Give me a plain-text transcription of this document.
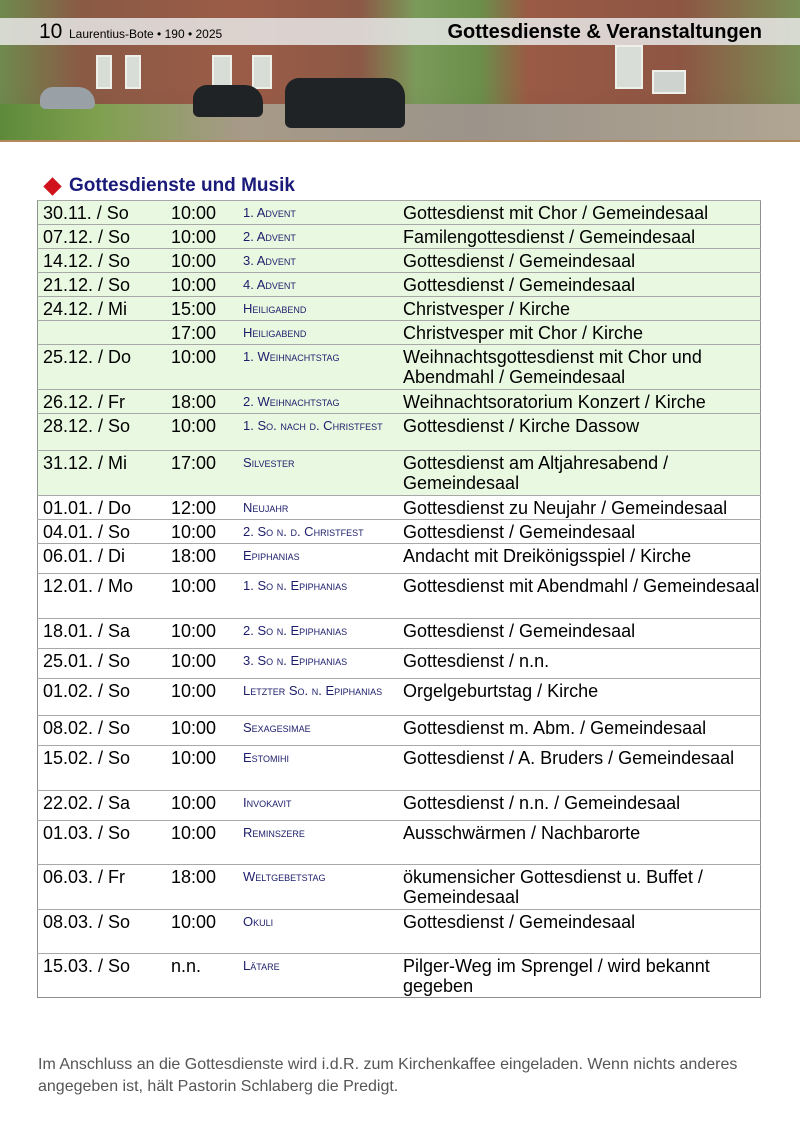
10 Laurentius-Bote • 190 • 2025	Gottesdienste & Veranstaltungen
Gottesdienste und Musik
30.11. / So	10:00	1. Advent	Gottesdienst mit Chor / Gemeindesaal
07.12. / So	10:00	2. Advent	Familengottesdienst / Gemeindesaal
14.12. / So	10:00	3. Advent	Gottesdienst / Gemeindesaal
21.12. / So	10:00	4. Advent	Gottesdienst / Gemeindesaal
24.12. / Mi	15:00	Heiligabend	Christvesper / Kirche
	17:00	Heiligabend	Christvesper mit Chor / Kirche
25.12. / Do	10:00	1. Weihnachtstag	Weihnachtsgottesdienst mit Chor und Abendmahl / Gemeindesaal
26.12. / Fr	18:00	2. Weihnachtstag	Weihnachtsoratorium Konzert / Kirche
28.12. / So	10:00	1. So. nach d. Christfest	Gottesdienst / Kirche Dassow
31.12. / Mi	17:00	Silvester	Gottesdienst am Altjahresabend / Gemeindesaal
01.01. / Do	12:00	Neujahr	Gottesdienst zu Neujahr / Gemeindesaal
04.01. / So	10:00	2. So n. d. Christfest	Gottesdienst / Gemeindesaal
06.01. / Di	18:00	Epiphanias	Andacht mit Dreikönigsspiel / Kirche
12.01. / Mo	10:00	1. So n. Epiphanias	Gottesdienst mit Abendmahl / Gemeindesaal
18.01. / Sa	10:00	2. So n. Epiphanias	Gottesdienst / Gemeindesaal
25.01. / So	10:00	3. So n. Epiphanias	Gottesdienst / n.n.
01.02. / So	10:00	Letzter So. n. Epiphanias	Orgelgeburtstag / Kirche
08.02. / So	10:00	Sexagesimae	Gottesdienst m. Abm. / Gemeindesaal
15.02. / So	10:00	Estomihi	Gottesdienst / A. Bruders / Gemeindesaal
22.02. / Sa	10:00	Invokavit	Gottesdienst / n.n. / Gemeindesaal
01.03. / So	10:00	Reminszere	Ausschwärmen / Nachbarorte
06.03. / Fr	18:00	Weltgebetstag	ökumensicher Gottesdienst u. Buffet / Gemeindesaal
08.03. / So	10:00	Okuli	Gottesdienst / Gemeindesaal
15.03. / So	n.n.	Lätare	Pilger-Weg im Sprengel / wird bekannt gegeben
Im Anschluss an die Gottesdienste wird i.d.R. zum Kirchenkaffee eingeladen. Wenn nichts anderes angegeben ist, hält Pastorin Schlaberg die Predigt.
